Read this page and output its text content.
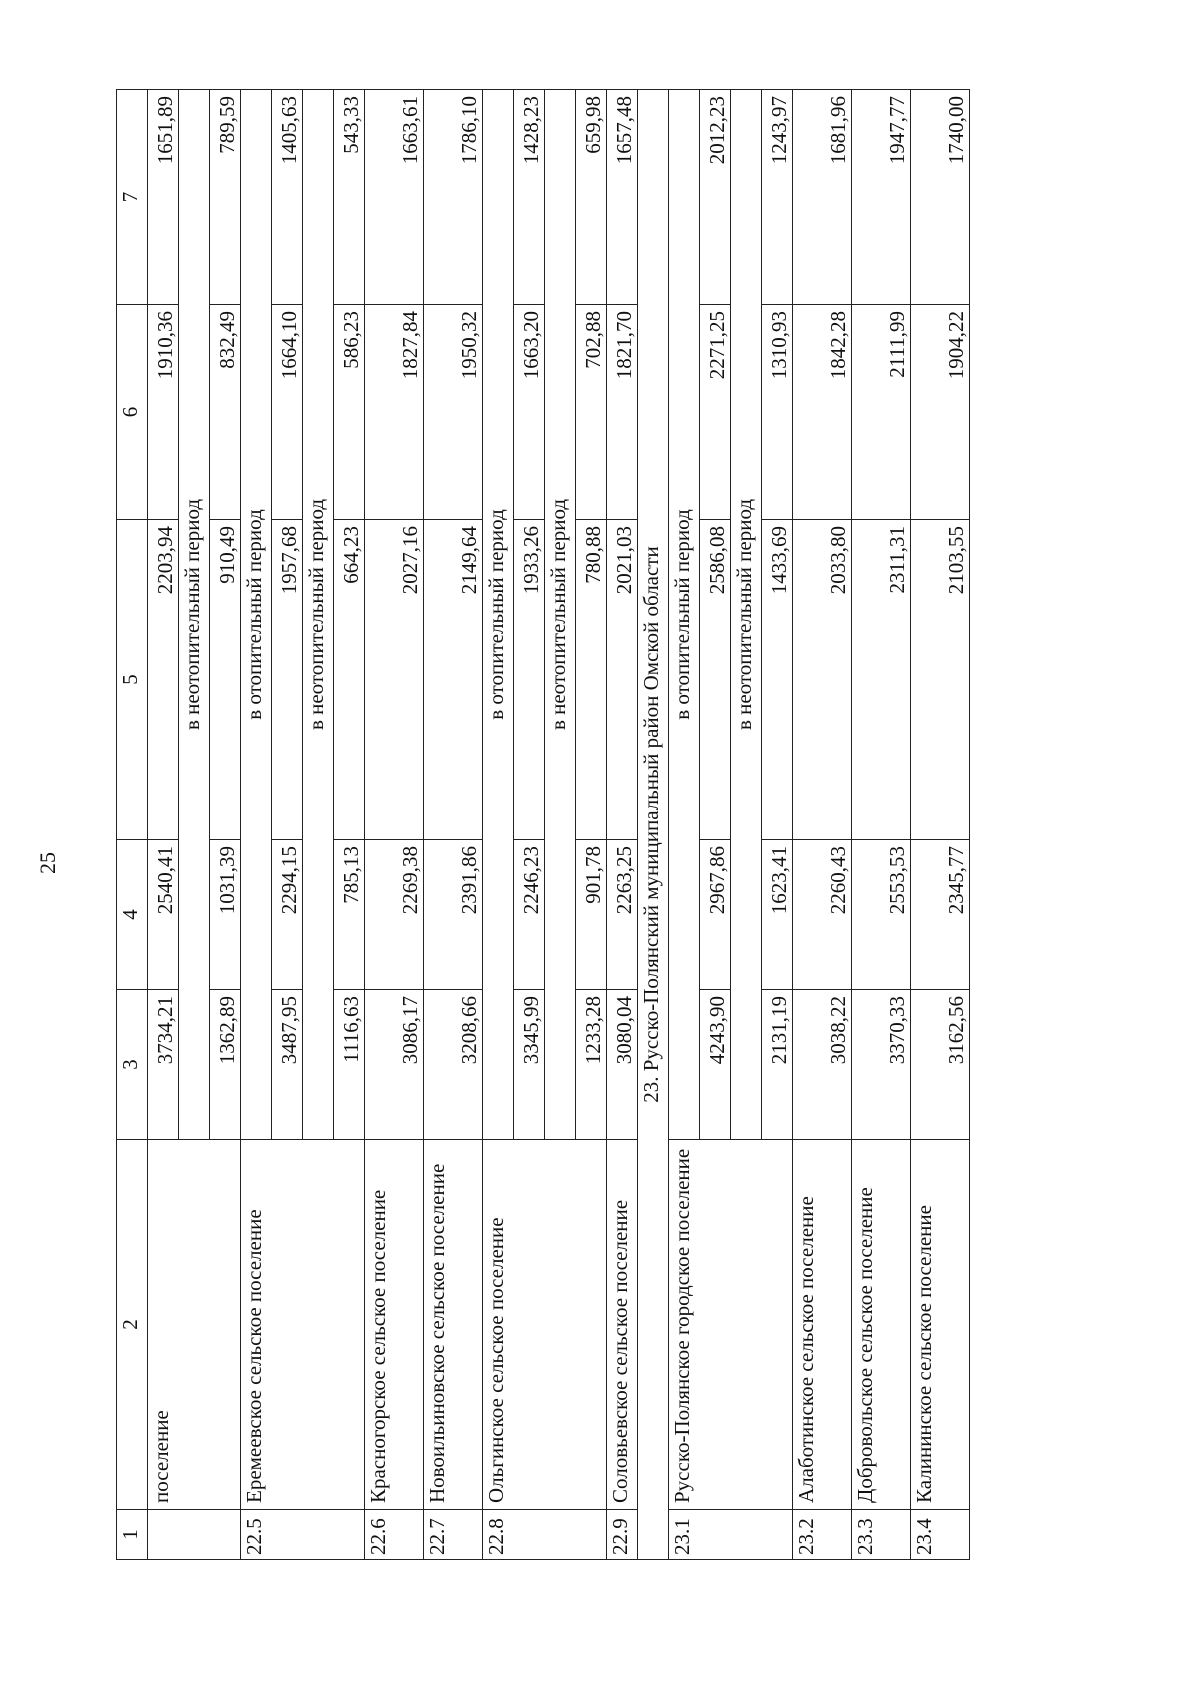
25
1	2	3	4	5	6	7
	поселение	3734,21	2540,41	2203,94	1910,36	1651,89
		в неотопительный период				
		1362,89	1031,39	910,49	832,49	789,59
22.5	Еремеевское сельское поселение	в отопительный период				
		3487,95	2294,15	1957,68	1664,10	1405,63
		в неотопительный период				
		1116,63	785,13	664,23	586,23	543,33
22.6	Красногорское сельское поселение	3086,17	2269,38	2027,16	1827,84	1663,61
22.7	Новоильиновское сельское поселение	3208,66	2391,86	2149,64	1950,32	1786,10
22.8	Ольгинское сельское поселение	в отопительный период				
		3345,99	2246,23	1933,26	1663,20	1428,23
		в неотопительный период				
		1233,28	901,78	780,88	702,88	659,98
22.9	Соловьевское сельское поселение	3080,04	2263,25	2021,03	1821,70	1657,48
23. Русско-Полянский муниципальный район Омской области						
23.1	Русско-Полянское городское поселение	в отопительный период				
		4243,90	2967,86	2586,08	2271,25	2012,23
		в неотопительный период				
		2131,19	1623,41	1433,69	1310,93	1243,97
23.2	Алаботинское сельское поселение	3038,22	2260,43	2033,80	1842,28	1681,96
23.3	Добровольское сельское поселение	3370,33	2553,53	2311,31	2111,99	1947,77
23.4	Калининское сельское поселение	3162,56	2345,77	2103,55	1904,22	1740,00
